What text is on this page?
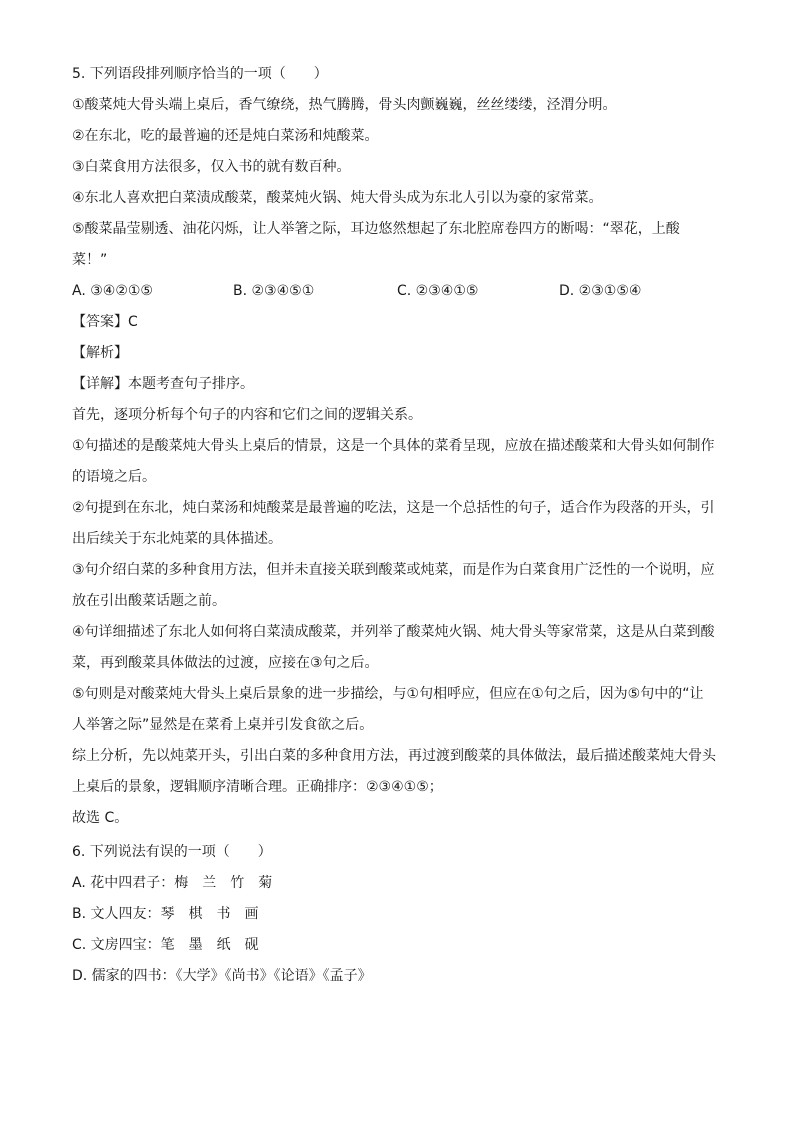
5. 下列语段排列顺序恰当的一项（　　）

①酸菜炖大骨头端上桌后，香气缭绕，热气腾腾，骨头肉颤巍巍，丝丝缕缕，泾渭分明。

②在东北，吃的最普遍的还是炖白菜汤和炖酸菜。

③白菜食用方法很多，仅入书的就有数百种。

④东北人喜欢把白菜渍成酸菜，酸菜炖火锅、炖大骨头成为东北人引以为豪的家常菜。

⑤酸菜晶莹剔透、油花闪烁，让人举箸之际，耳边悠然想起了东北腔席卷四方的断喝：“翠花，上酸

菜！”

A. ③④②①⑤	B. ②③④⑤①	C. ②③④①⑤	D. ②③①⑤④

【答案】C

【解析】

【详解】本题考查句子排序。

首先，逐项分析每个句子的内容和它们之间的逻辑关系。

①句描述的是酸菜炖大骨头上桌后的情景，这是一个具体的菜肴呈现，应放在描述酸菜和大骨头如何制作

的语境之后。

②句提到在东北，炖白菜汤和炖酸菜是最普遍的吃法，这是一个总括性的句子，适合作为段落的开头，引

出后续关于东北炖菜的具体描述。

③句介绍白菜的多种食用方法，但并未直接关联到酸菜或炖菜，而是作为白菜食用广泛性的一个说明，应

放在引出酸菜话题之前。

④句详细描述了东北人如何将白菜渍成酸菜，并列举了酸菜炖火锅、炖大骨头等家常菜，这是从白菜到酸

菜，再到酸菜具体做法的过渡，应接在③句之后。

⑤句则是对酸菜炖大骨头上桌后景象的进一步描绘，与①句相呼应，但应在①句之后，因为⑤句中的“让

人举箸之际”显然是在菜肴上桌并引发食欲之后。

综上分析，先以炖菜开头，引出白菜的多种食用方法，再过渡到酸菜的具体做法，最后描述酸菜炖大骨头

上桌后的景象，逻辑顺序清晰合理。正确排序：②③④①⑤；

故选 C。

6. 下列说法有误的一项（　　）

A. 花中四君子：梅　兰　竹　菊

B. 文人四友：琴　棋　书　画

C. 文房四宝：笔　墨　纸　砚

D. 儒家的四书：《大学》《尚书》《论语》《孟子》
